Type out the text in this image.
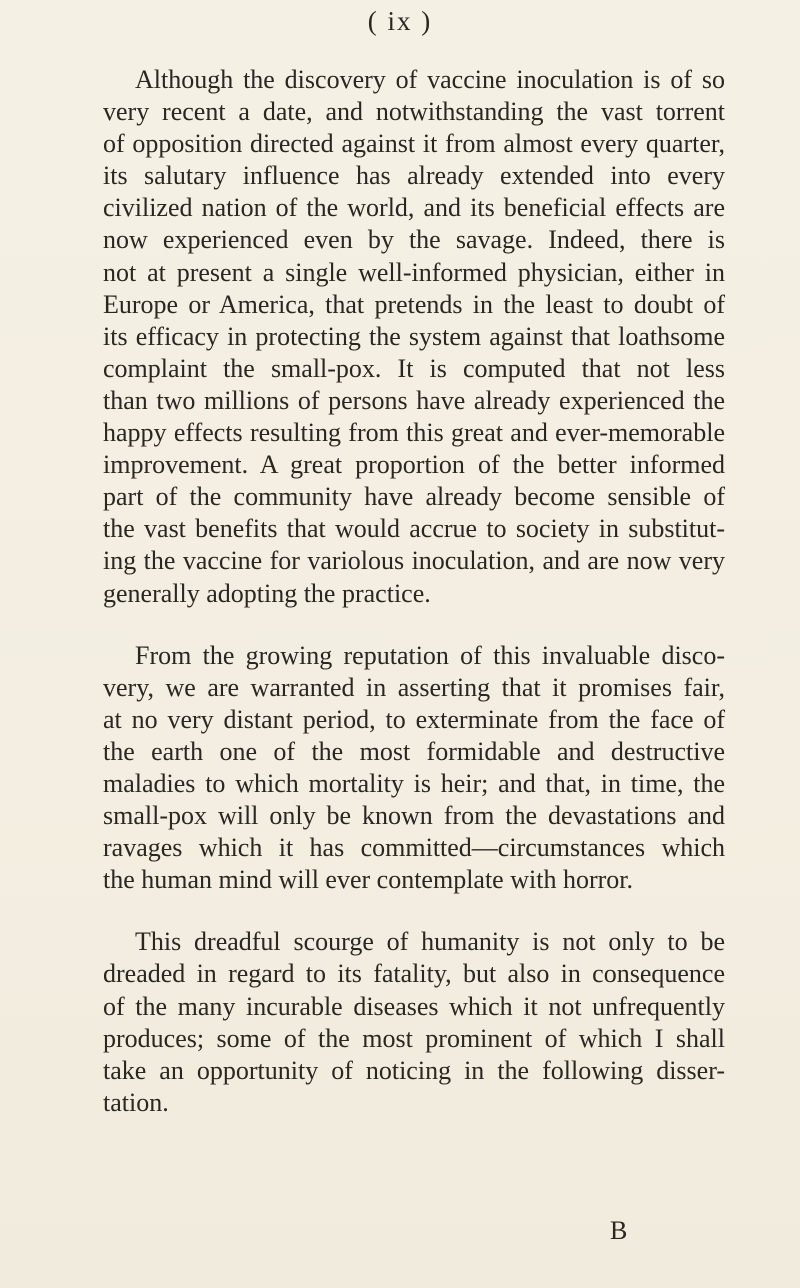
( ix )
Although the discovery of vaccine inoculation is of so
very recent a date, and notwithstanding the vast torrent
of opposition directed against it from almost every quarter,
its salutary influence has already extended into every
civilized nation of the world, and its beneficial effects are
now experienced even by the savage. Indeed, there is
not at present a single well-informed physician, either in
Europe or America, that pretends in the least to doubt of
its efficacy in protecting the system against that loathsome
complaint the small-pox. It is computed that not less
than two millions of persons have already experienced the
happy effects resulting from this great and ever-memorable
improvement. A great proportion of the better informed
part of the community have already become sensible of
the vast benefits that would accrue to society in substitut-
ing the vaccine for variolous inoculation, and are now very
generally adopting the practice.
From the growing reputation of this invaluable disco-
very, we are warranted in asserting that it promises fair,
at no very distant period, to exterminate from the face of
the earth one of the most formidable and destructive
maladies to which mortality is heir; and that, in time, the
small-pox will only be known from the devastations and
ravages which it has committed—circumstances which
the human mind will ever contemplate with horror.
This dreadful scourge of humanity is not only to be
dreaded in regard to its fatality, but also in consequence
of the many incurable diseases which it not unfrequently
produces; some of the most prominent of which I shall
take an opportunity of noticing in the following disser-
tation.
B
